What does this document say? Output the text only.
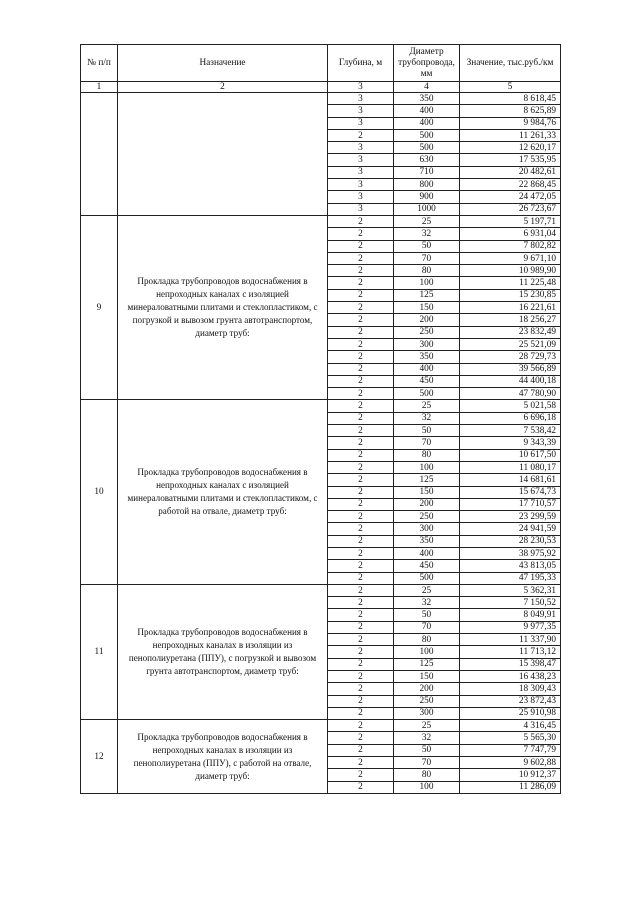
№ п/п	Назначение	Глубина, м	Диаметр трубопровода, мм	Значение, тыс.руб./км
1	2	3	4	5
		3	350	8 618,45
		3	400	8 625,89
		3	400	9 984,76
		2	500	11 261,33
		3	500	12 620,17
		3	630	17 535,95
		3	710	20 482,61
		3	800	22 868,45
		3	900	24 472,05
		3	1000	26 723,67
9	Прокладка трубопроводов водоснабжения в непроходных каналах с изоляцией минераловатными плитами и стеклопластиком, с погрузкой и вывозом грунта автотранспортом, диаметр труб:	2	25	5 197,71
		2	32	6 931,04
		2	50	7 802,82
		2	70	9 671,10
		2	80	10 989,90
		2	100	11 225,48
		2	125	15 230,85
		2	150	16 221,61
		2	200	18 256,27
		2	250	23 832,49
		2	300	25 521,09
		2	350	28 729,73
		2	400	39 566,89
		2	450	44 400,18
		2	500	47 780,90
10	Прокладка трубопроводов водоснабжения в непроходных каналах с изоляцией минераловатными плитами и стеклопластиком, с работой на отвале, диаметр труб:	2	25	5 021,58
		2	32	6 696,18
		2	50	7 538,42
		2	70	9 343,39
		2	80	10 617,50
		2	100	11 080,17
		2	125	14 681,61
		2	150	15 674,73
		2	200	17 710,57
		2	250	23 299,59
		2	300	24 941,59
		2	350	28 230,53
		2	400	38 975,92
		2	450	43 813,05
		2	500	47 195,33
11	Прокладка трубопроводов водоснабжения в непроходных каналах в изоляции из пенополиуретана (ППУ), с погрузкой и вывозом грунта автотранспортом, диаметр труб:	2	25	5 362,31
		2	32	7 150,52
		2	50	8 049,91
		2	70	9 977,35
		2	80	11 337,90
		2	100	11 713,12
		2	125	15 398,47
		2	150	16 438,23
		2	200	18 309,43
		2	250	23 872,43
		2	300	25 910,98
12	Прокладка трубопроводов водоснабжения в непроходных каналах в изоляции из пенополиуретана (ППУ), с работой на отвале, диаметр труб:	2	25	4 316,45
		2	32	5 565,30
		2	50	7 747,79
		2	70	9 602,88
		2	80	10 912,37
		2	100	11 286,09
